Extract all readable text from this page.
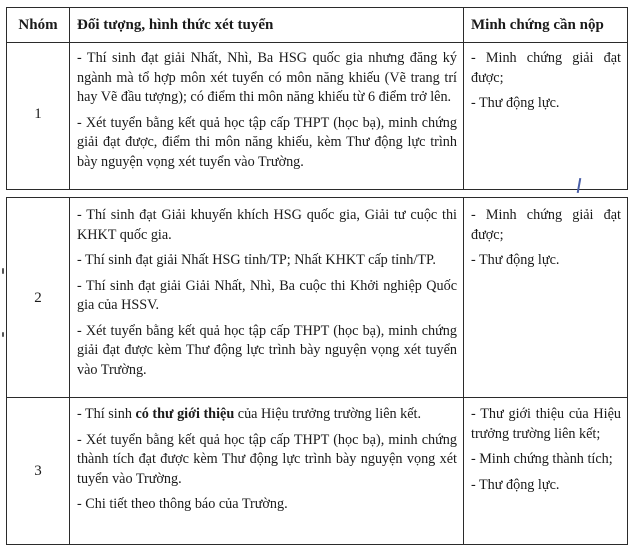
Nhóm	Đối tượng, hình thức xét tuyển	Minh chứng cần nộp
1

- Thí sinh đạt giải Nhất, Nhì, Ba HSG quốc gia nhưng đăng ký ngành mà tổ hợp môn xét tuyển có môn năng khiếu (Vẽ trang trí hay Vẽ đầu tượng); có điểm thi môn năng khiếu từ 6 điểm trở lên.

- Xét tuyển bằng kết quả học tập cấp THPT (học bạ), minh chứng giải đạt được, điểm thi môn năng khiếu, kèm Thư động lực trình bày nguyện vọng xét tuyển vào Trường.

- Minh chứng giải đạt được;

- Thư động lực.

2

- Thí sinh đạt Giải khuyến khích HSG quốc gia, Giải tư cuộc thi KHKT quốc gia.

- Thí sinh đạt giải Nhất HSG tỉnh/TP; Nhất KHKT cấp tỉnh/TP.

- Thí sinh đạt giải Giải Nhất, Nhì, Ba cuộc thi Khởi nghiệp Quốc gia của HSSV.

- Xét tuyển bằng kết quả học tập cấp THPT (học bạ), minh chứng giải đạt được kèm Thư động lực trình bày nguyện vọng xét tuyển vào Trường.

- Minh chứng giải đạt được;

- Thư động lực.

3

- Thí sinh có thư giới thiệu của Hiệu trưởng trường liên kết.

- Xét tuyển bằng kết quả học tập cấp THPT (học bạ), minh chứng thành tích đạt được kèm Thư động lực trình bày nguyện vọng xét tuyển vào Trường.

- Chi tiết theo thông báo của Trường.

- Thư giới thiệu của Hiệu trưởng trường liên kết;

- Minh chứng thành tích;

- Thư động lực.
